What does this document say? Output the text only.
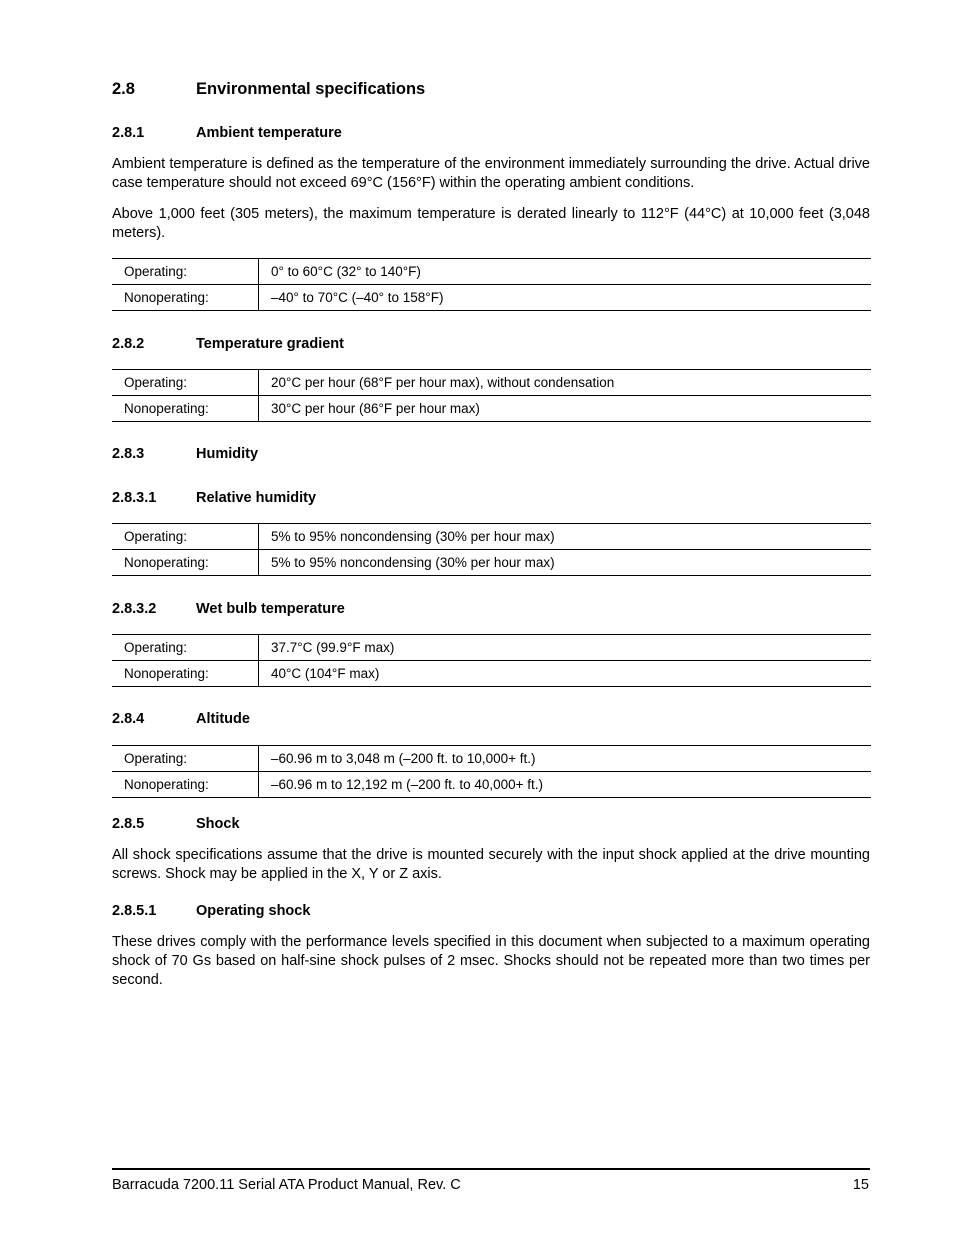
2.8	Environmental specifications
2.8.1	Ambient temperature

Ambient temperature is defined as the temperature of the environment immediately surrounding the drive. Actual drive case temperature should not exceed 69°C (156°F) within the operating ambient conditions.

Above 1,000 feet (305 meters), the maximum temperature is derated linearly to 112°F (44°C) at 10,000 feet (3,048 meters).

Operating:	0° to 60°C (32° to 140°F)
Nonoperating:	–40° to 70°C (–40° to 158°F)
2.8.2	Temperature gradient
Operating:	20°C per hour (68°F per hour max), without condensation
Nonoperating:	30°C per hour (86°F per hour max)
2.8.3	Humidity
2.8.3.1	Relative humidity
Operating:	5% to 95% noncondensing (30% per hour max)
Nonoperating:	5% to 95% noncondensing (30% per hour max)
2.8.3.2	Wet bulb temperature
Operating:	37.7°C (99.9°F max)
Nonoperating:	40°C (104°F max)
2.8.4	Altitude
Operating:	–60.96 m to 3,048 m (–200 ft. to 10,000+ ft.)
Nonoperating:	–60.96 m to 12,192 m (–200 ft. to 40,000+ ft.)
2.8.5	Shock

All shock specifications assume that the drive is mounted securely with the input shock applied at the drive mounting screws. Shock may be applied in the X, Y or Z axis.

2.8.5.1	Operating shock

These drives comply with the performance levels specified in this document when subjected to a maximum operating shock of 70 Gs based on half-sine shock pulses of 2 msec. Shocks should not be repeated more than two times per second.

Barracuda 7200.11 Serial ATA Product Manual, Rev. C	15
